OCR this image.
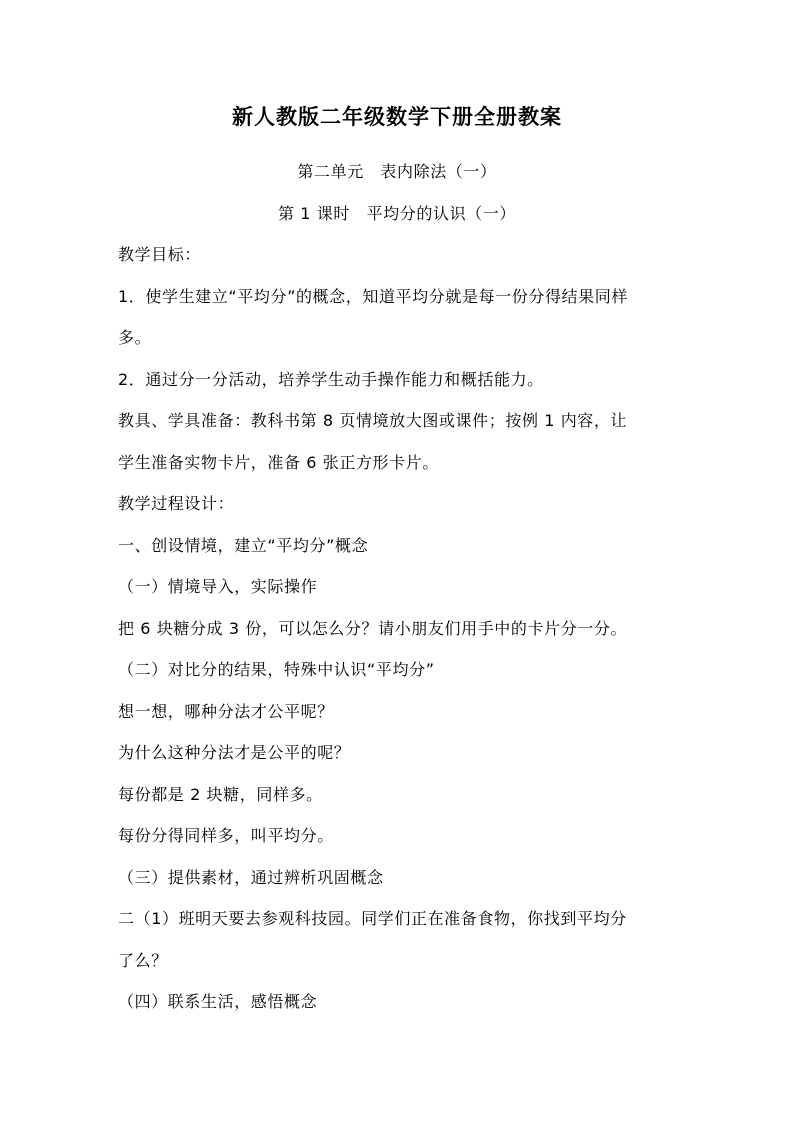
新人教版二年级数学下册全册教案
第二单元　表内除法（一）
第 1 课时　平均分的认识（一）
教学目标：
1．使学生建立“平均分”的概念，知道平均分就是每一份分得结果同样
多。
2．通过分一分活动，培养学生动手操作能力和概括能力。
教具、学具准备：教科书第 8 页情境放大图或课件；按例 1 内容，让
学生准备实物卡片，准备 6 张正方形卡片。
教学过程设计：
一、创设情境，建立“平均分”概念
（一）情境导入，实际操作
把 6 块糖分成 3 份，可以怎么分？请小朋友们用手中的卡片分一分。
（二）对比分的结果，特殊中认识“平均分”
想一想，哪种分法才公平呢？
为什么这种分法才是公平的呢？
每份都是 2 块糖，同样多。
每份分得同样多，叫平均分。
（三）提供素材，通过辨析巩固概念
二（1）班明天要去参观科技园。同学们正在准备食物，你找到平均分
了么？
（四）联系生活，感悟概念
